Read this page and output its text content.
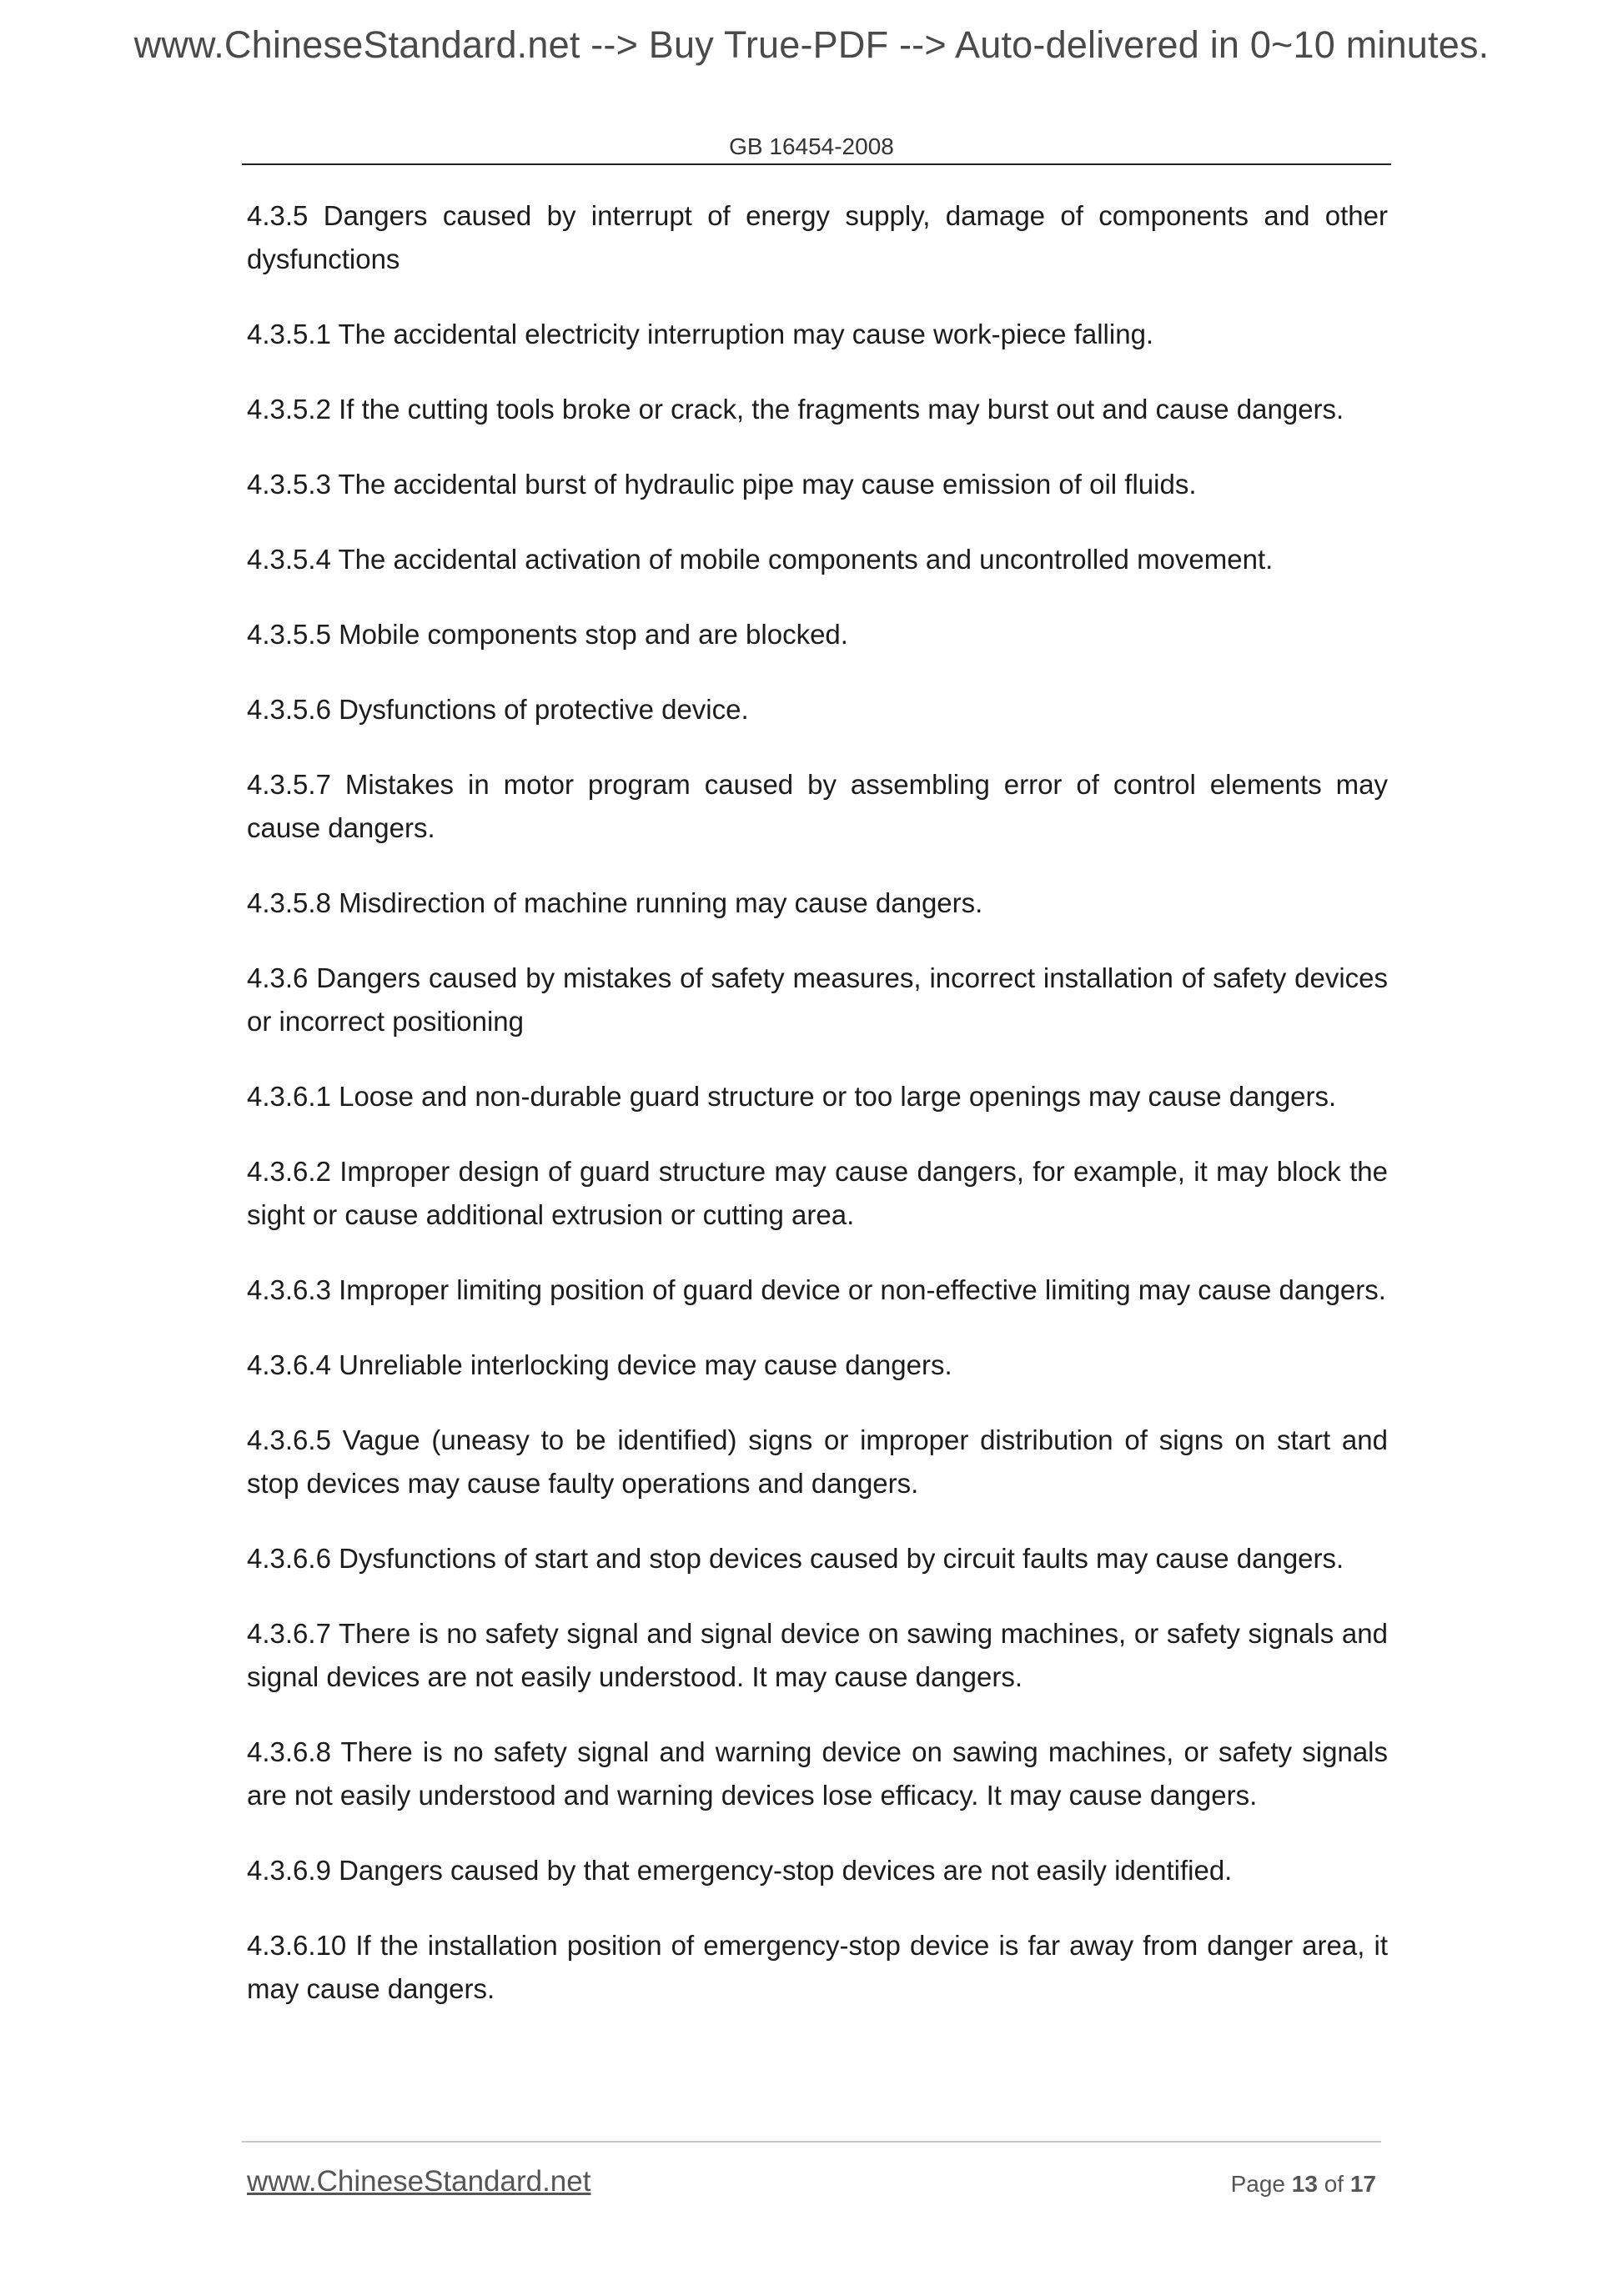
www.ChineseStandard.net --> Buy True-PDF --> Auto-delivered in 0~10 minutes.
GB 16454-2008

4.3.5 Dangers caused by interrupt of energy supply, damage of components and other dysfunctions

4.3.5.1 The accidental electricity interruption may cause work-piece falling.

4.3.5.2 If the cutting tools broke or crack, the fragments may burst out and cause dangers.

4.3.5.3 The accidental burst of hydraulic pipe may cause emission of oil fluids.

4.3.5.4 The accidental activation of mobile components and uncontrolled movement.

4.3.5.5 Mobile components stop and are blocked.

4.3.5.6 Dysfunctions of protective device.

4.3.5.7 Mistakes in motor program caused by assembling error of control elements may cause dangers.

4.3.5.8 Misdirection of machine running may cause dangers.

4.3.6 Dangers caused by mistakes of safety measures, incorrect installation of safety devices or incorrect positioning

4.3.6.1 Loose and non-durable guard structure or too large openings may cause dangers.

4.3.6.2 Improper design of guard structure may cause dangers, for example, it may block the sight or cause additional extrusion or cutting area.

4.3.6.3 Improper limiting position of guard device or non-effective limiting may cause dangers.

4.3.6.4 Unreliable interlocking device may cause dangers.

4.3.6.5 Vague (uneasy to be identified) signs or improper distribution of signs on start and stop devices may cause faulty operations and dangers.

4.3.6.6 Dysfunctions of start and stop devices caused by circuit faults may cause dangers.

4.3.6.7 There is no safety signal and signal device on sawing machines, or safety signals and signal devices are not easily understood. It may cause dangers.

4.3.6.8 There is no safety signal and warning device on sawing machines, or safety signals are not easily understood and warning devices lose efficacy. It may cause dangers.

4.3.6.9 Dangers caused by that emergency-stop devices are not easily identified.

4.3.6.10 If the installation position of emergency-stop device is far away from danger area, it may cause dangers.

www.ChineseStandard.net	Page 13 of 17
